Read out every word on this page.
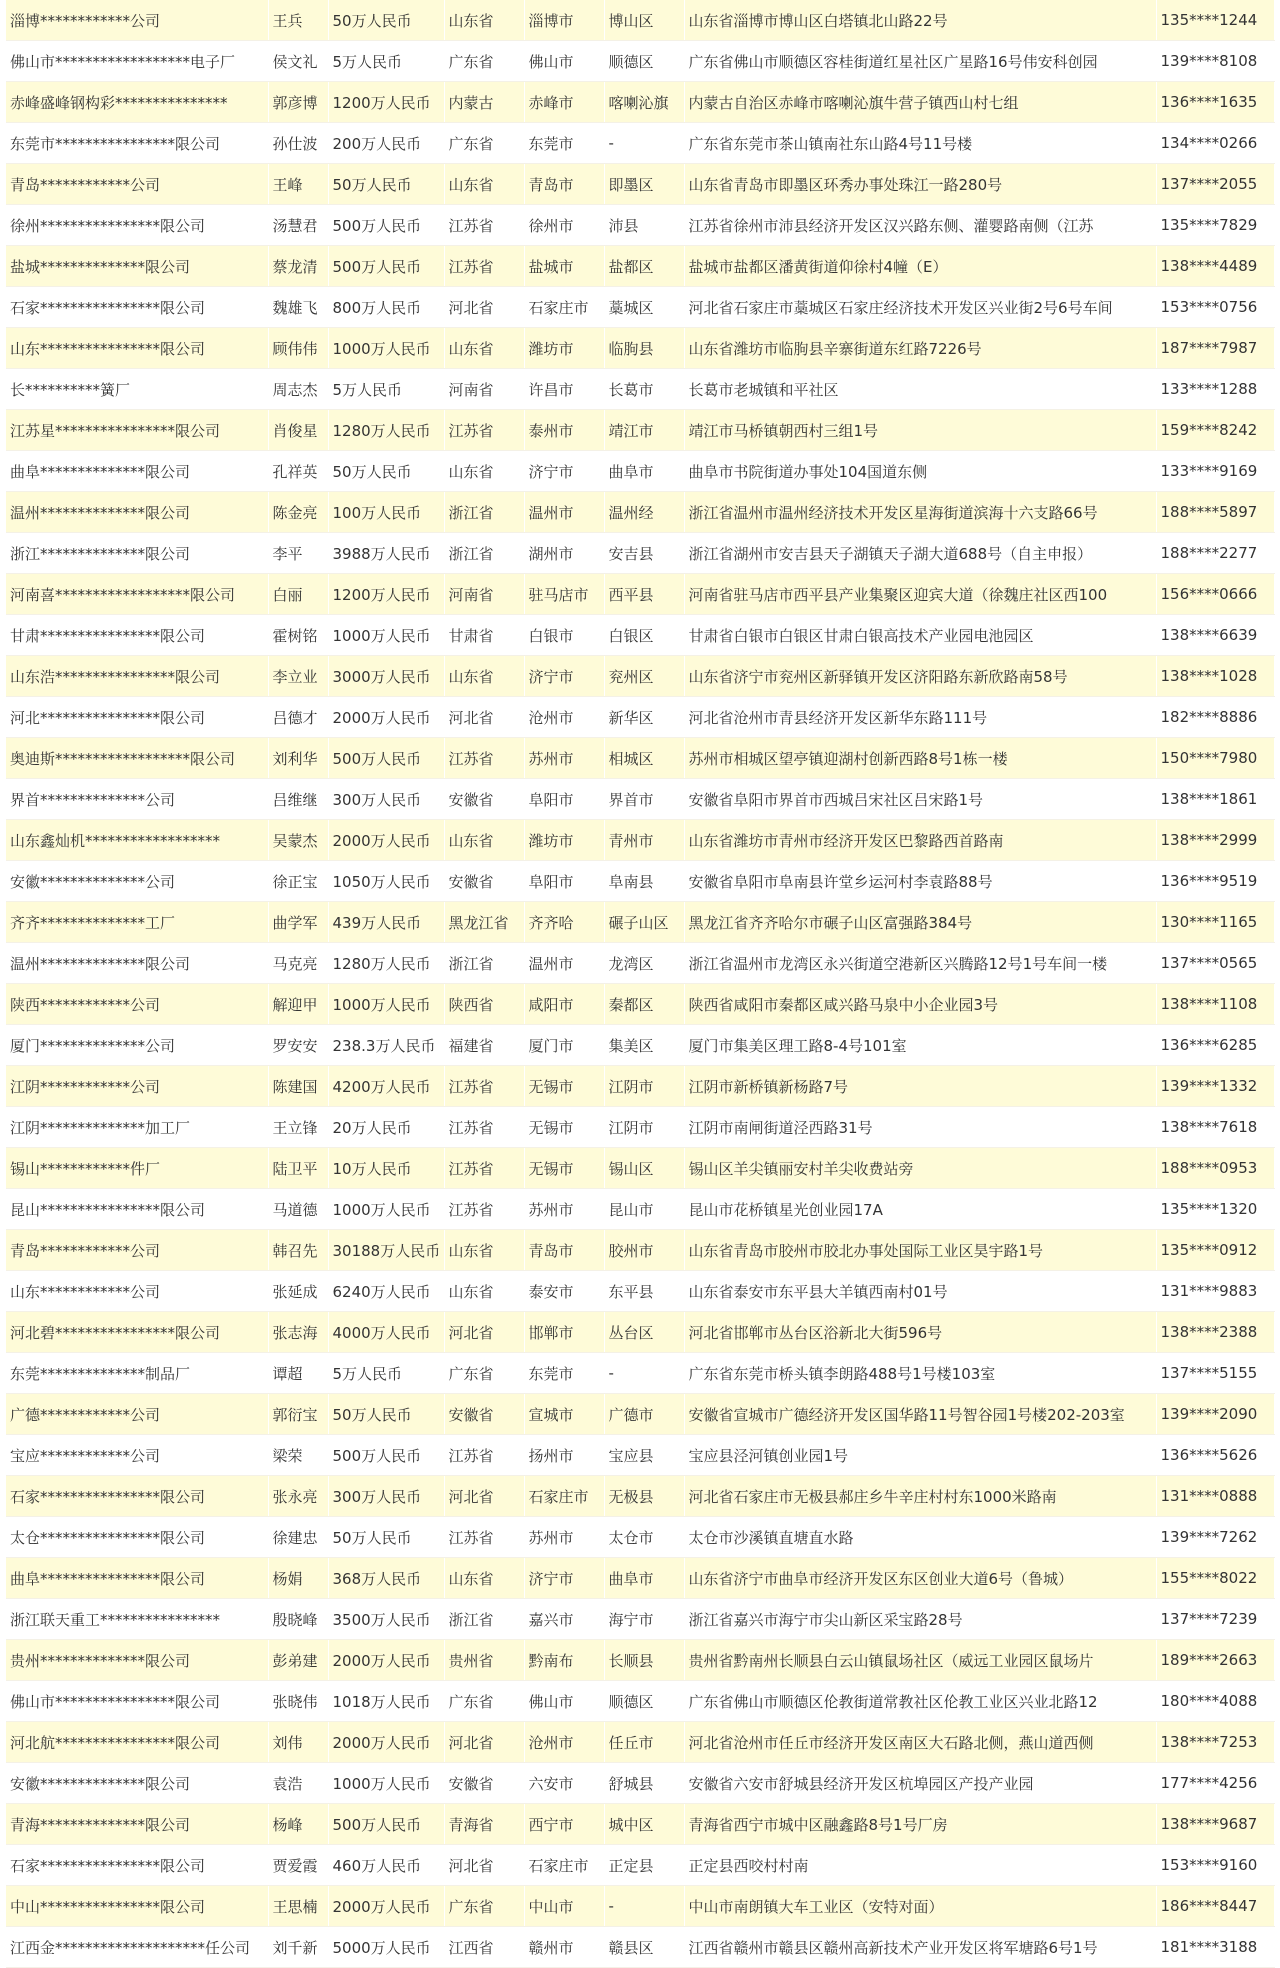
淄博************公司	王兵	50万人民币	山东省	淄博市	博山区	山东省淄博市博山区白塔镇北山路22号	135****1244
佛山市******************电子厂	侯文礼	5万人民币	广东省	佛山市	顺德区	广东省佛山市顺德区容桂街道红星社区广星路16号伟安科创园	139****8108
赤峰盛峰钢构彩***************	郭彦博	1200万人民币	内蒙古	赤峰市	喀喇沁旗	内蒙古自治区赤峰市喀喇沁旗牛营子镇西山村七组	136****1635
东莞市****************限公司	孙仕波	200万人民币	广东省	东莞市	-	广东省东莞市茶山镇南社东山路4号11号楼	134****0266
青岛************公司	王峰	50万人民币	山东省	青岛市	即墨区	山东省青岛市即墨区环秀办事处珠江一路280号	137****2055
徐州****************限公司	汤慧君	500万人民币	江苏省	徐州市	沛县	江苏省徐州市沛县经济开发区汉兴路东侧、灌婴路南侧（江苏	135****7829
盐城**************限公司	蔡龙清	500万人民币	江苏省	盐城市	盐都区	盐城市盐都区潘黄街道仰徐村4幢（E）	138****4489
石家****************限公司	魏雄飞	800万人民币	河北省	石家庄市	藁城区	河北省石家庄市藁城区石家庄经济技术开发区兴业街2号6号车间	153****0756
山东****************限公司	顾伟伟	1000万人民币	山东省	潍坊市	临朐县	山东省潍坊市临朐县辛寨街道东红路7226号	187****7987
长**********簧厂	周志杰	5万人民币	河南省	许昌市	长葛市	长葛市老城镇和平社区	133****1288
江苏星****************限公司	肖俊星	1280万人民币	江苏省	泰州市	靖江市	靖江市马桥镇朝西村三组1号	159****8242
曲阜**************限公司	孔祥英	50万人民币	山东省	济宁市	曲阜市	曲阜市书院街道办事处104国道东侧	133****9169
温州**************限公司	陈金亮	100万人民币	浙江省	温州市	温州经	浙江省温州市温州经济技术开发区星海街道滨海十六支路66号	188****5897
浙江**************限公司	李平	3988万人民币	浙江省	湖州市	安吉县	浙江省湖州市安吉县天子湖镇天子湖大道688号（自主申报）	188****2277
河南喜******************限公司	白丽	1200万人民币	河南省	驻马店市	西平县	河南省驻马店市西平县产业集聚区迎宾大道（徐魏庄社区西100	156****0666
甘肃****************限公司	霍树铭	1000万人民币	甘肃省	白银市	白银区	甘肃省白银市白银区甘肃白银高技术产业园电池园区	138****6639
山东浩****************限公司	李立业	3000万人民币	山东省	济宁市	兖州区	山东省济宁市兖州区新驿镇开发区济阳路东新欣路南58号	138****1028
河北****************限公司	吕德才	2000万人民币	河北省	沧州市	新华区	河北省沧州市青县经济开发区新华东路111号	182****8886
奥迪斯******************限公司	刘利华	500万人民币	江苏省	苏州市	相城区	苏州市相城区望亭镇迎湖村创新西路8号1栋一楼	150****7980
界首**************公司	吕维继	300万人民币	安徽省	阜阳市	界首市	安徽省阜阳市界首市西城吕宋社区吕宋路1号	138****1861
山东鑫灿机******************	吴蒙杰	2000万人民币	山东省	潍坊市	青州市	山东省潍坊市青州市经济开发区巴黎路西首路南	138****2999
安徽**************公司	徐正宝	1050万人民币	安徽省	阜阳市	阜南县	安徽省阜阳市阜南县许堂乡运河村李袁路88号	136****9519
齐齐**************工厂	曲学军	439万人民币	黑龙江省	齐齐哈	碾子山区	黑龙江省齐齐哈尔市碾子山区富强路384号	130****1165
温州**************限公司	马克亮	1280万人民币	浙江省	温州市	龙湾区	浙江省温州市龙湾区永兴街道空港新区兴腾路12号1号车间一楼	137****0565
陕西************公司	解迎甲	1000万人民币	陕西省	咸阳市	秦都区	陕西省咸阳市秦都区咸兴路马泉中小企业园3号	138****1108
厦门**************公司	罗安安	238.3万人民币	福建省	厦门市	集美区	厦门市集美区理工路8-4号101室	136****6285
江阴************公司	陈建国	4200万人民币	江苏省	无锡市	江阴市	江阴市新桥镇新杨路7号	139****1332
江阴**************加工厂	王立锋	20万人民币	江苏省	无锡市	江阴市	江阴市南闸街道泾西路31号	138****7618
锡山************件厂	陆卫平	10万人民币	江苏省	无锡市	锡山区	锡山区羊尖镇丽安村羊尖收费站旁	188****0953
昆山****************限公司	马道德	1000万人民币	江苏省	苏州市	昆山市	昆山市花桥镇星光创业园17A	135****1320
青岛************公司	韩召先	30188万人民币	山东省	青岛市	胶州市	山东省青岛市胶州市胶北办事处国际工业区昊宇路1号	135****0912
山东************公司	张延成	6240万人民币	山东省	泰安市	东平县	山东省泰安市东平县大羊镇西南村01号	131****9883
河北碧****************限公司	张志海	4000万人民币	河北省	邯郸市	丛台区	河北省邯郸市丛台区浴新北大街596号	138****2388
东莞**************制品厂	谭超	5万人民币	广东省	东莞市	-	广东省东莞市桥头镇李朗路488号1号楼103室	137****5155
广德************公司	郭衍宝	50万人民币	安徽省	宣城市	广德市	安徽省宣城市广德经济开发区国华路11号智谷园1号楼202-203室	139****2090
宝应************公司	梁荣	500万人民币	江苏省	扬州市	宝应县	宝应县泾河镇创业园1号	136****5626
石家****************限公司	张永亮	300万人民币	河北省	石家庄市	无极县	河北省石家庄市无极县郝庄乡牛辛庄村村东1000米路南	131****0888
太仓****************限公司	徐建忠	50万人民币	江苏省	苏州市	太仓市	太仓市沙溪镇直塘直水路	139****7262
曲阜****************限公司	杨娟	368万人民币	山东省	济宁市	曲阜市	山东省济宁市曲阜市经济开发区东区创业大道6号（鲁城）	155****8022
浙江联天重工****************	殷晓峰	3500万人民币	浙江省	嘉兴市	海宁市	浙江省嘉兴市海宁市尖山新区采宝路28号	137****7239
贵州**************限公司	彭弟建	2000万人民币	贵州省	黔南布	长顺县	贵州省黔南州长顺县白云山镇鼠场社区（威远工业园区鼠场片	189****2663
佛山市****************限公司	张晓伟	1018万人民币	广东省	佛山市	顺德区	广东省佛山市顺德区伦教街道常教社区伦教工业区兴业北路12	180****4088
河北航****************限公司	刘伟	2000万人民币	河北省	沧州市	任丘市	河北省沧州市任丘市经济开发区南区大石路北侧，燕山道西侧	138****7253
安徽**************限公司	袁浩	1000万人民币	安徽省	六安市	舒城县	安徽省六安市舒城县经济开发区杭埠园区产投产业园	177****4256
青海**************限公司	杨峰	500万人民币	青海省	西宁市	城中区	青海省西宁市城中区融鑫路8号1号厂房	138****9687
石家****************限公司	贾爱霞	460万人民币	河北省	石家庄市	正定县	正定县西咬村村南	153****9160
中山****************限公司	王思楠	2000万人民币	广东省	中山市	-	中山市南朗镇大车工业区（安特对面）	186****8447
江西金********************任公司	刘千新	5000万人民币	江西省	赣州市	赣县区	江西省赣州市赣县区赣州高新技术产业开发区将军塘路6号1号	181****3188
